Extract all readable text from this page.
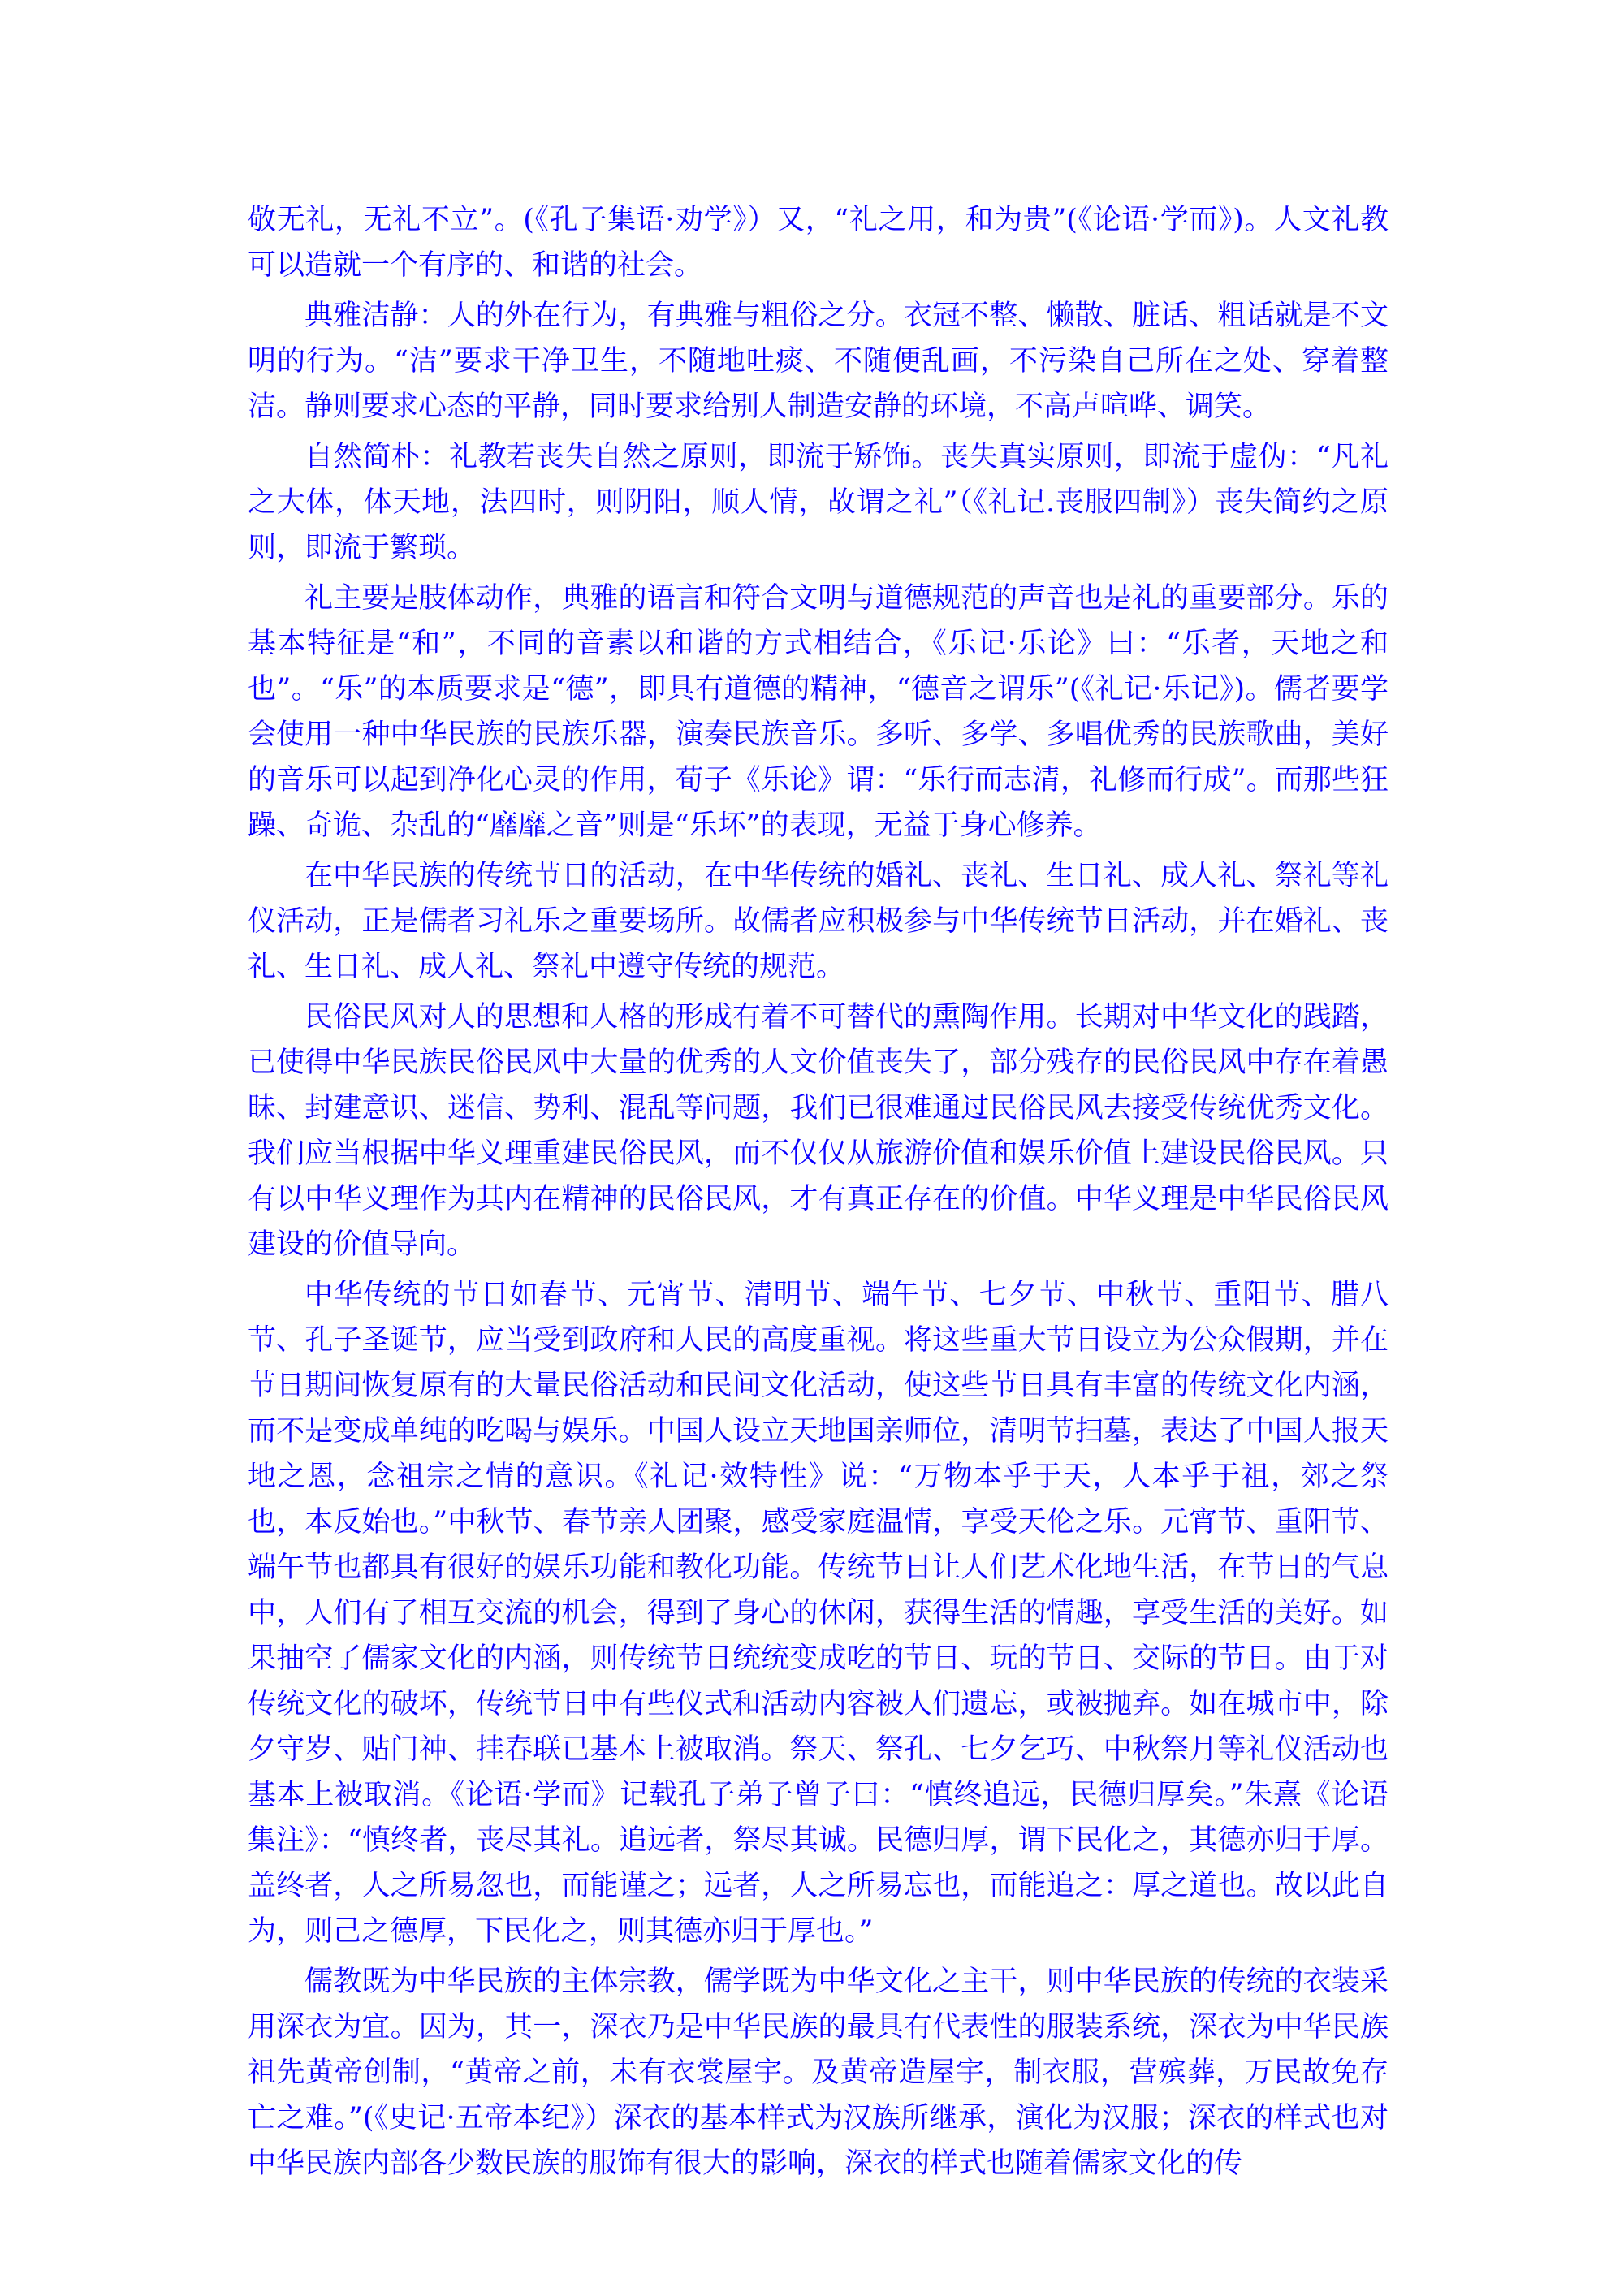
敬无礼，无礼不立”。(《孔子集语·劝学》）又，“礼之用，和为贵”(《论语·学而》)。人文礼教可以造就一个有序的、和谐的社会。

典雅洁静：人的外在行为，有典雅与粗俗之分。衣冠不整、懒散、脏话、粗话就是不文明的行为。“洁”要求干净卫生，不随地吐痰、不随便乱画，不污染自己所在之处、穿着整洁。静则要求心态的平静，同时要求给别人制造安静的环境，不高声喧哗、调笑。

自然简朴：礼教若丧失自然之原则，即流于矫饰。丧失真实原则，即流于虚伪：“凡礼之大体，体天地，法四时，则阴阳，顺人情，故谓之礼”（《礼记.丧服四制》）丧失简约之原则，即流于繁琐。

礼主要是肢体动作，典雅的语言和符合文明与道德规范的声音也是礼的重要部分。乐的基本特征是“和”，不同的音素以和谐的方式相结合，《乐记·乐论》曰：“乐者，天地之和也”。“乐”的本质要求是“德”，即具有道德的精神，“德音之谓乐”(《礼记·乐记》)。儒者要学会使用一种中华民族的民族乐器，演奏民族音乐。多听、多学、多唱优秀的民族歌曲，美好的音乐可以起到净化心灵的作用，荀子《乐论》谓：“乐行而志清，礼修而行成”。而那些狂躁、奇诡、杂乱的“靡靡之音”则是“乐坏”的表现，无益于身心修养。

在中华民族的传统节日的活动，在中华传统的婚礼、丧礼、生日礼、成人礼、祭礼等礼仪活动，正是儒者习礼乐之重要场所。故儒者应积极参与中华传统节日活动，并在婚礼、丧礼、生日礼、成人礼、祭礼中遵守传统的规范。

民俗民风对人的思想和人格的形成有着不可替代的熏陶作用。长期对中华文化的践踏，已使得中华民族民俗民风中大量的优秀的人文价值丧失了，部分残存的民俗民风中存在着愚昧、封建意识、迷信、势利、混乱等问题，我们已很难通过民俗民风去接受传统优秀文化。我们应当根据中华义理重建民俗民风，而不仅仅从旅游价值和娱乐价值上建设民俗民风。只有以中华义理作为其内在精神的民俗民风，才有真正存在的价值。中华义理是中华民俗民风建设的价值导向。

中华传统的节日如春节、元宵节、清明节、端午节、七夕节、中秋节、重阳节、腊八节、孔子圣诞节，应当受到政府和人民的高度重视。将这些重大节日设立为公众假期，并在节日期间恢复原有的大量民俗活动和民间文化活动，使这些节日具有丰富的传统文化内涵，而不是变成单纯的吃喝与娱乐。中国人设立天地国亲师位，清明节扫墓，表达了中国人报天地之恩，念祖宗之情的意识。《礼记·效特性》说：“万物本乎于天，人本乎于祖，郊之祭也，本反始也。”中秋节、春节亲人团聚，感受家庭温情，享受天伦之乐。元宵节、重阳节、端午节也都具有很好的娱乐功能和教化功能。传统节日让人们艺术化地生活，在节日的气息中，人们有了相互交流的机会，得到了身心的休闲，获得生活的情趣，享受生活的美好。如果抽空了儒家文化的内涵，则传统节日统统变成吃的节日、玩的节日、交际的节日。由于对传统文化的破坏，传统节日中有些仪式和活动内容被人们遗忘，或被抛弃。如在城市中，除夕守岁、贴门神、挂春联已基本上被取消。祭天、祭孔、七夕乞巧、中秋祭月等礼仪活动也基本上被取消。《论语·学而》记载孔子弟子曾子曰：“慎终追远，民德归厚矣。”朱熹《论语集注》：“慎终者，丧尽其礼。追远者，祭尽其诚。民德归厚，谓下民化之，其德亦归于厚。盖终者，人之所易忽也，而能谨之；远者，人之所易忘也，而能追之：厚之道也。故以此自为，则己之德厚，下民化之，则其德亦归于厚也。”

儒教既为中华民族的主体宗教，儒学既为中华文化之主干，则中华民族的传统的衣装采用深衣为宜。因为，其一，深衣乃是中华民族的最具有代表性的服装系统，深衣为中华民族祖先黄帝创制，“黄帝之前，未有衣裳屋宇。及黄帝造屋宇，制衣服，营殡葬，万民故免存亡之难。”(《史记·五帝本纪》）深衣的基本样式为汉族所继承，演化为汉服；深衣的样式也对中华民族内部各少数民族的服饰有很大的影响，深衣的样式也随着儒家文化的传
